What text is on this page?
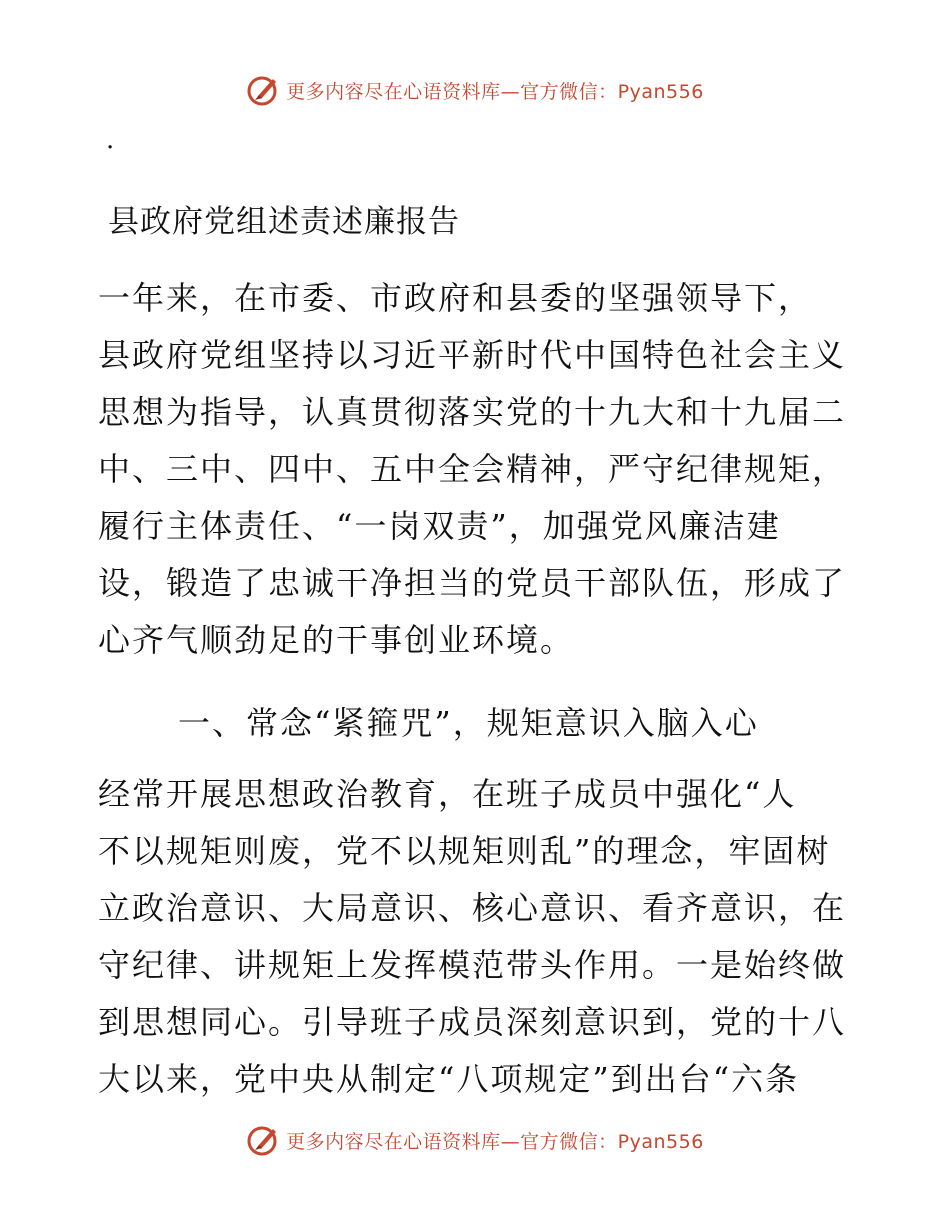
更多内容尽在心语资料库—官方微信：Pyan556
·
县政府党组述责述廉报告
一年来，在市委、市政府和县委的坚强领导下，
县政府党组坚持以习近平新时代中国特色社会主义
思想为指导，认真贯彻落实党的十九大和十九届二
中、三中、四中、五中全会精神，严守纪律规矩，
履行主体责任、“一岗双责”，加强党风廉洁建
设，锻造了忠诚干净担当的党员干部队伍，形成了
心齐气顺劲足的干事创业环境。
一、常念“紧箍咒”，规矩意识入脑入心
经常开展思想政治教育，在班子成员中强化“人
不以规矩则废，党不以规矩则乱”的理念，牢固树
立政治意识、大局意识、核心意识、看齐意识，在
守纪律、讲规矩上发挥模范带头作用。一是始终做
到思想同心。引导班子成员深刻意识到，党的十八
大以来，党中央从制定“八项规定”到出台“六条
更多内容尽在心语资料库—官方微信：Pyan556
